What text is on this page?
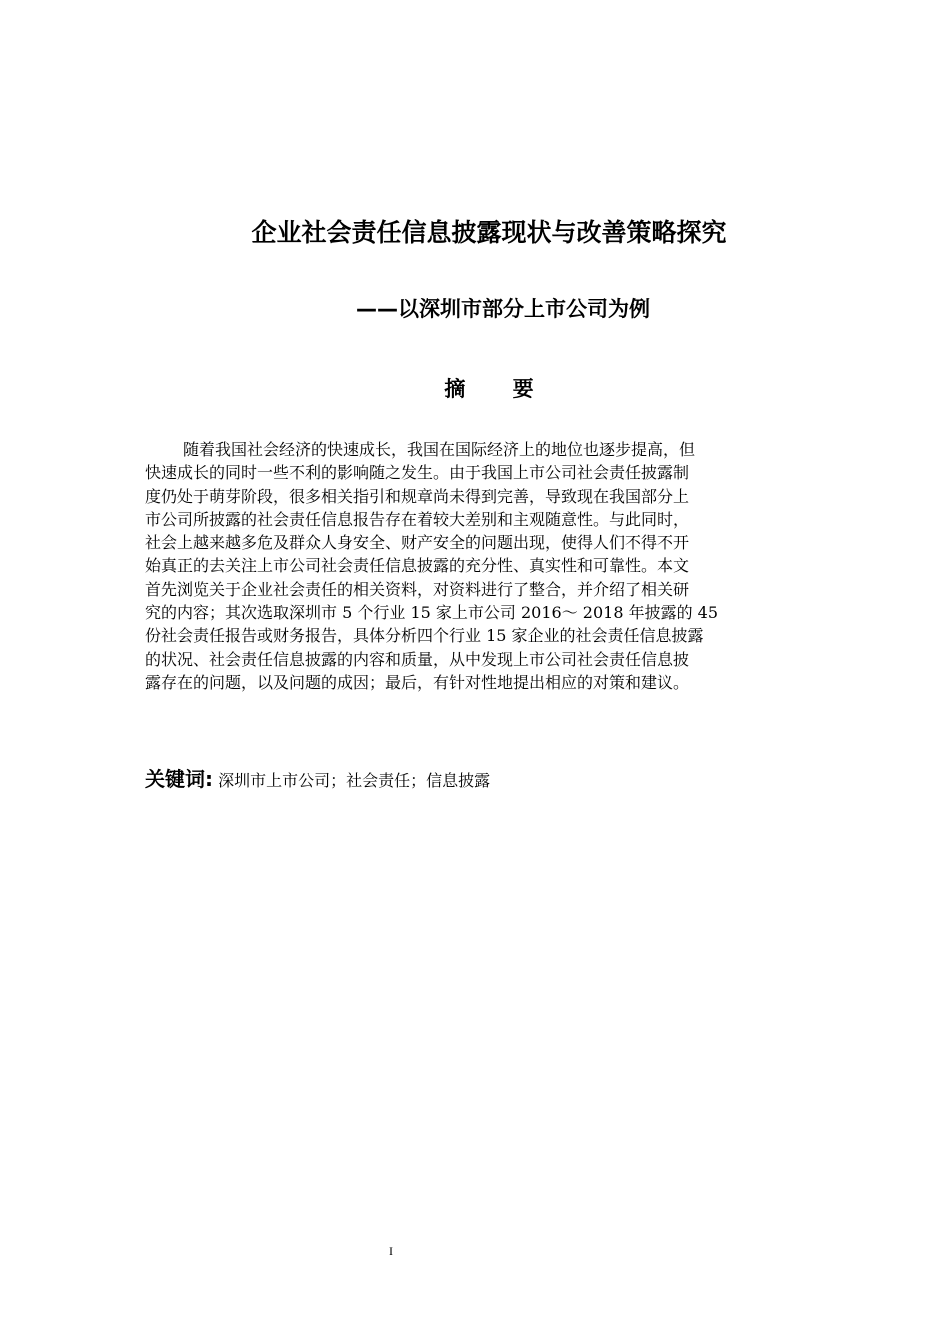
企业社会责任信息披露现状与改善策略探究
——以深圳市部分上市公司为例
摘 要
随着我国社会经济的快速成长，我国在国际经济上的地位也逐步提高，但
快速成长的同时一些不利的影响随之发生。由于我国上市公司社会责任披露制
度仍处于萌芽阶段，很多相关指引和规章尚未得到完善，导致现在我国部分上
市公司所披露的社会责任信息报告存在着较大差别和主观随意性。与此同时，
社会上越来越多危及群众人身安全、财产安全的问题出现，使得人们不得不开
始真正的去关注上市公司社会责任信息披露的充分性、真实性和可靠性。本文
首先浏览关于企业社会责任的相关资料，对资料进行了整合，并介绍了相关研
究的内容；其次选取深圳市 5 个行业 15 家上市公司 2016～ 2018 年披露的 45
份社会责任报告或财务报告，具体分析四个行业 15 家企业的社会责任信息披露
的状况、社会责任信息披露的内容和质量，从中发现上市公司社会责任信息披
露存在的问题，以及问题的成因；最后，有针对性地提出相应的对策和建议。
关键词: 深圳市上市公司；社会责任；信息披露
I
